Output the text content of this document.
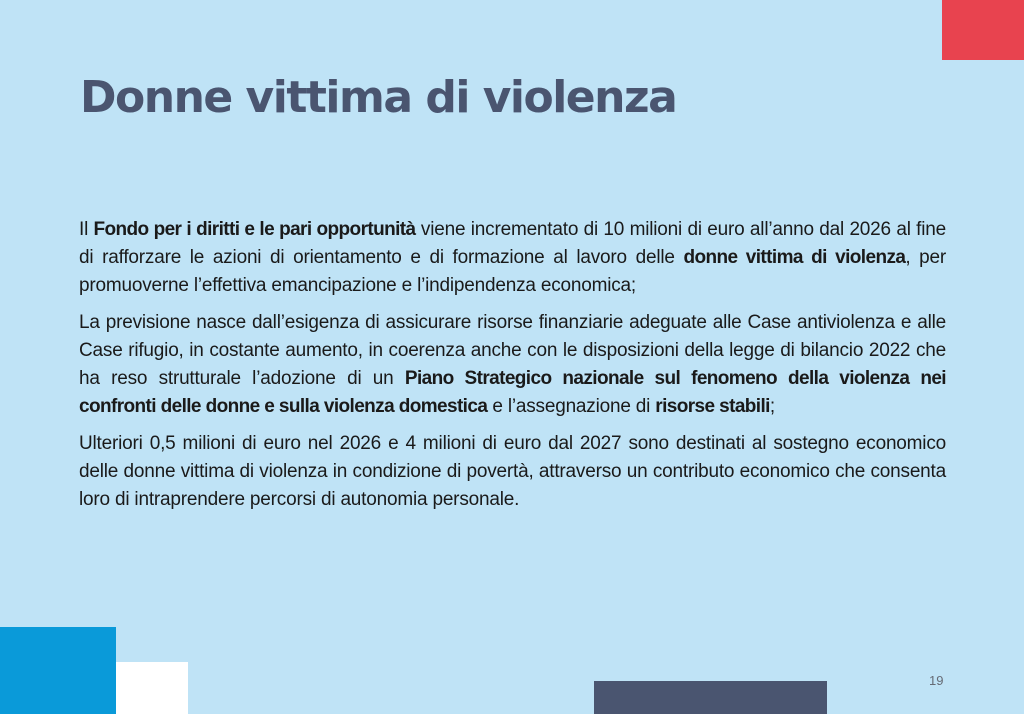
Donne vittima di violenza

Il Fondo per i diritti e le pari opportunità viene incrementato di 10 milioni di euro all’anno dal 2026 al fine di rafforzare le azioni di orientamento e di formazione al lavoro delle donne vittima di violenza, per promuoverne l’effettiva emancipazione e l’indipendenza economica;

La previsione nasce dall’esigenza di assicurare risorse finanziarie adeguate alle Case antiviolenza e alle Case rifugio, in costante aumento, in coerenza anche con le disposizioni della legge di bilancio 2022 che ha reso strutturale l’adozione di un Piano Strategico nazionale sul fenomeno della violenza nei confronti delle donne e sulla violenza domestica e l’assegnazione di risorse stabili;

Ulteriori 0,5 milioni di euro nel 2026 e 4 milioni di euro dal 2027 sono destinati al sostegno economico delle donne vittima di violenza in condizione di povertà, attraverso un contributo economico che consenta loro di intraprendere percorsi di autonomia personale.

19
